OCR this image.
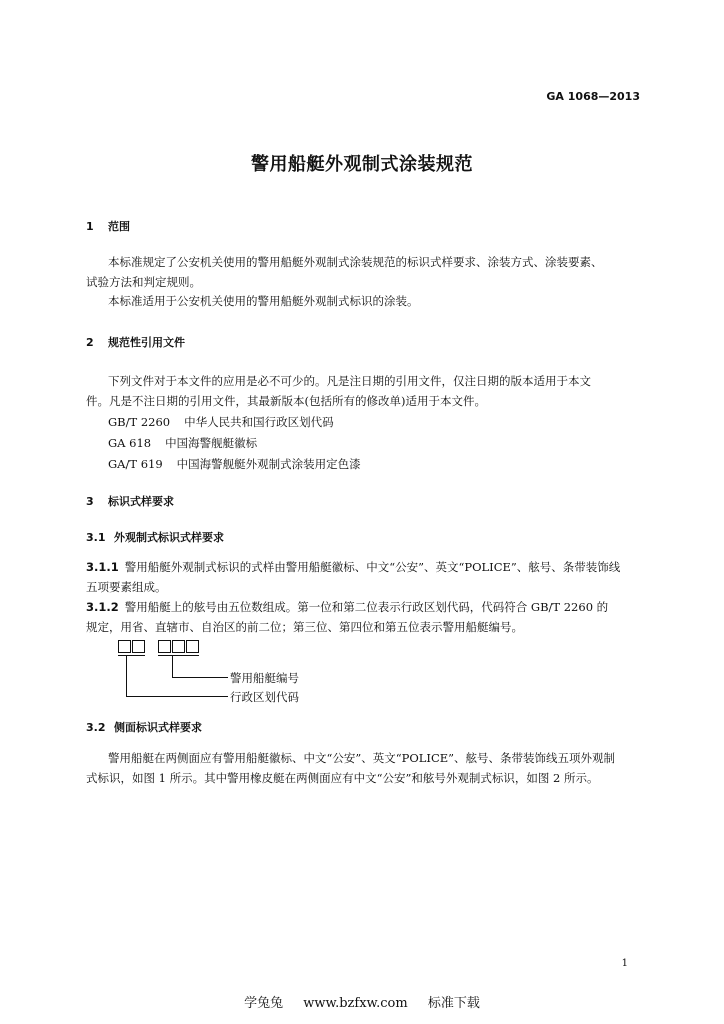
GA 1068—2013
警用船艇外观制式涂装规范
1 范围
本标准规定了公安机关使用的警用船艇外观制式涂装规范的标识式样要求、涂装方式、涂装要素、
试验方法和判定规则。
本标准适用于公安机关使用的警用船艇外观制式标识的涂装。
2 规范性引用文件
下列文件对于本文件的应用是必不可少的。凡是注日期的引用文件，仅注日期的版本适用于本文
件。凡是不注日期的引用文件，其最新版本(包括所有的修改单)适用于本文件。
GB/T 2260 中华人民共和国行政区划代码
GA 618 中国海警舰艇徽标
GA/T 619 中国海警舰艇外观制式涂装用定色漆
3 标识式样要求
3.1 外观制式标识式样要求
3.1.1 警用船艇外观制式标识的式样由警用船艇徽标、中文“公安”、英文“POLICE”、舷号、条带装饰线
五项要素组成。
3.1.2 警用船艇上的舷号由五位数组成。第一位和第二位表示行政区划代码，代码符合 GB/T 2260 的
规定，用省、直辖市、自治区的前二位；第三位、第四位和第五位表示警用船艇编号。
警用船艇编号
行政区划代码
3.2 侧面标识式样要求
警用船艇在两侧面应有警用船艇徽标、中文“公安”、英文“POLICE”、舷号、条带装饰线五项外观制
式标识，如图 1 所示。其中警用橡皮艇在两侧面应有中文“公安”和舷号外观制式标识，如图 2 所示。
1
学兔兔 www.bzfxw.com 标准下载
